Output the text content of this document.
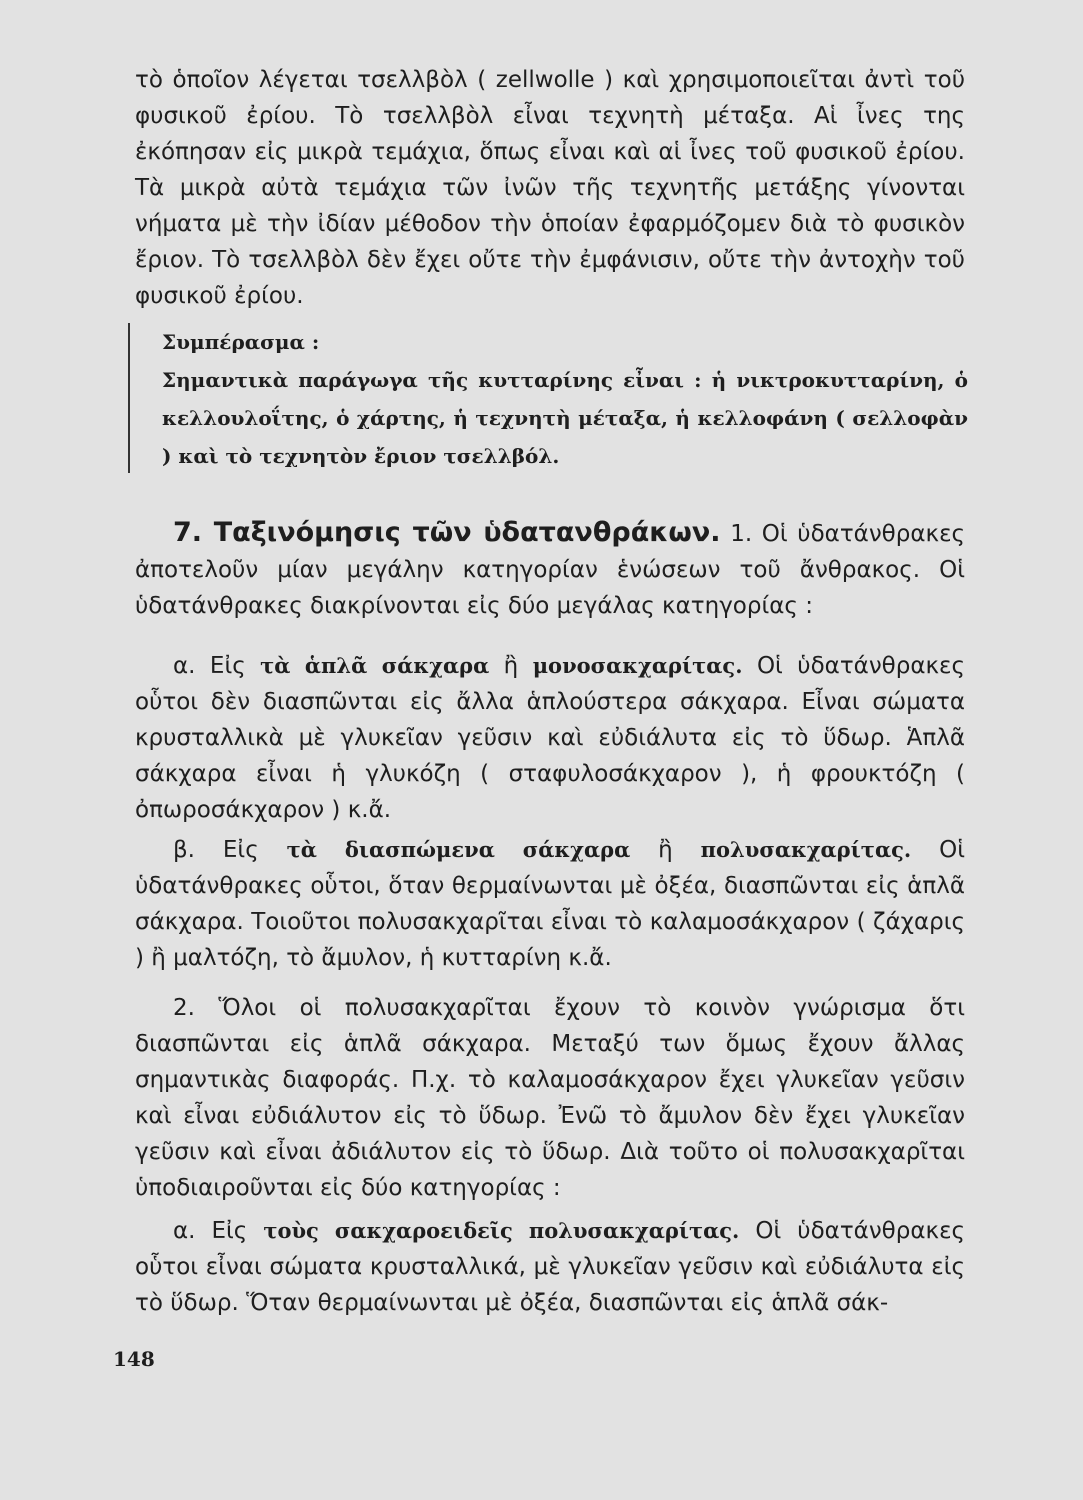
τὸ ὁποῖον λέγεται τσελλβὸλ ( zellwolle ) καὶ χρησιμοποιεῖται ἀντὶ τοῦ φυσικοῦ ἐρίου. Τὸ τσελλβὸλ εἶναι τεχνητὴ μέταξα. Αἱ ἶνες της ἐκόπησαν εἰς μικρὰ τεμάχια, ὅπως εἶναι καὶ αἱ ἶνες τοῦ φυσικοῦ ἐρίου. Τὰ μικρὰ αὐτὰ τεμάχια τῶν ἰνῶν τῆς τεχνητῆς μετάξης γίνονται νήματα μὲ τὴν ἰδίαν μέθοδον τὴν ὁποίαν ἐφαρμόζομεν διὰ τὸ φυσικὸν ἔριον. Τὸ τσελλβὸλ δὲν ἔχει οὔτε τὴν ἐμφάνισιν, οὔτε τὴν ἀντοχὴν τοῦ φυσικοῦ ἐρίου.

Συμπέρασμα :

Σημαντικὰ παράγωγα τῆς κυτταρίνης εἶναι : ἡ νικτροκυτταρίνη, ὁ κελλουλοΐτης, ὁ χάρτης, ἡ τεχνητὴ μέταξα, ἡ κελλοφάνη ( σελλοφὰν ) καὶ τὸ τεχνητὸν ἔριον τσελλβόλ.

7. Ταξινόμησις τῶν ὑδατανθράκων. 1. Οἱ ὑδατάνθρακες ἀποτελοῦν μίαν μεγάλην κατηγορίαν ἑνώσεων τοῦ ἄνθρακος. Οἱ ὑδατάνθρακες διακρίνονται εἰς δύο μεγάλας κατηγορίας :

α. Εἰς τὰ ἁπλᾶ σάκχαρα ἢ μονοσακχαρίτας. Οἱ ὑδατάνθρακες οὗτοι δὲν διασπῶνται εἰς ἄλλα ἁπλούστερα σάκχαρα. Εἶναι σώματα κρυσταλλικὰ μὲ γλυκεῖαν γεῦσιν καὶ εὐδιάλυτα εἰς τὸ ὕδωρ. Ἁπλᾶ σάκχαρα εἶναι ἡ γλυκόζη ( σταφυλοσάκχαρον ), ἡ φρουκτόζη ( ὀπωροσάκχαρον ) κ.ἄ.

β. Εἰς τὰ διασπώμενα σάκχαρα ἢ πολυσακχαρίτας. Οἱ ὑδατάνθρακες οὗτοι, ὅταν θερμαίνωνται μὲ ὀξέα, διασπῶνται εἰς ἁπλᾶ σάκχαρα. Τοιοῦτοι πολυσακχαρῖται εἶναι τὸ καλαμοσάκχαρον ( ζάχαρις ) ἢ μαλτόζη, τὸ ἄμυλον, ἡ κυτταρίνη κ.ἄ.

2. Ὅλοι οἱ πολυσακχαρῖται ἔχουν τὸ κοινὸν γνώρισμα ὅτι διασπῶνται εἰς ἁπλᾶ σάκχαρα. Μεταξύ των ὅμως ἔχουν ἄλλας σημαντικὰς διαφοράς. Π.χ. τὸ καλαμοσάκχαρον ἔχει γλυκεῖαν γεῦσιν καὶ εἶναι εὐδιάλυτον εἰς τὸ ὕδωρ. Ἐνῶ τὸ ἄμυλον δὲν ἔχει γλυκεῖαν γεῦσιν καὶ εἶναι ἀδιάλυτον εἰς τὸ ὕδωρ. Διὰ τοῦτο οἱ πολυσακχαρῖται ὑποδιαιροῦνται εἰς δύο κατηγορίας :

α. Εἰς τοὺς σακχαροειδεῖς πολυσακχαρίτας. Οἱ ὑδατάνθρακες οὗτοι εἶναι σώματα κρυσταλλικά, μὲ γλυκεῖαν γεῦσιν καὶ εὐδιάλυτα εἰς τὸ ὕδωρ. Ὅταν θερμαίνωνται μὲ ὀξέα, διασπῶνται εἰς ἁπλᾶ σάκ-

148
